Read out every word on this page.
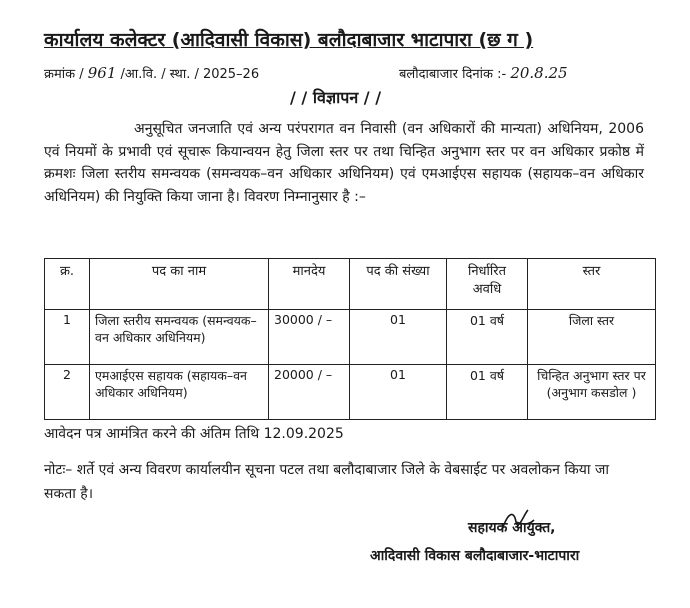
कार्यालय कलेक्टर (आदिवासी विकास) बलौदाबाजार भाटापारा (छ ग )
क्रमांक / 961 /आ.वि. / स्था. / 2025–26	बलौदाबाजार दिनांक :- 20.8.25
/ / विज्ञापन / /
अनुसूचित जनजाति एवं अन्य परंपरागत वन निवासी (वन अधिकारों की मान्यता) अधिनियम, 2006 एवं नियमों के प्रभावी एवं सूचारू कियान्वयन हेतु जिला स्तर पर तथा चिन्हित अनुभाग स्तर पर वन अधिकार प्रकोष्ठ में क्रमशः जिला स्तरीय समन्वयक (समन्वयक–वन अधिकार अधिनियम) एवं एमआईएस सहायक (सहायक–वन अधिकार अधिनियम) की नियुक्ति किया जाना है। विवरण निम्नानुसार है :–
क्र.	पद का नाम	मानदेय	पद की संख्या	निर्धारित अवधि	स्तर
1	जिला स्तरीय समन्वयक (समन्वयक–वन अधिकार अधिनियम)	30000 / –	01	01 वर्ष	जिला स्तर
2	एमआईएस सहायक (सहायक–वन अधिकार अधिनियम)	20000 / –	01	01 वर्ष	चिन्हित अनुभाग स्तर पर (अनुभाग कसडोल )
आवेदन पत्र आमंत्रित करने की अंतिम तिथि 12.09.2025
नोटः– शर्ते एवं अन्य विवरण कार्यालयीन सूचना पटल तथा बलौदाबाजार जिले के वेबसाईट पर अवलोकन किया जा सकता है।
सहायक आयुक्त,
आदिवासी विकास बलौदाबाजार-भाटापारा
